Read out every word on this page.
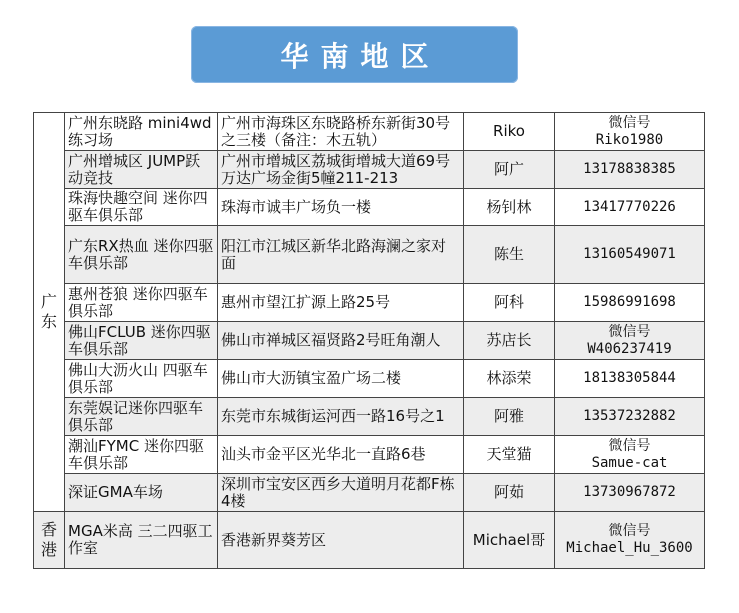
华南地区
广
东	广州东晓路 mini4wd练习场	广州市海珠区东晓路桥东新街30号之三楼（备注：木五轨）	Riko	微信号
Riko1980

	广州增城区 JUMP跃动竞技	广州市增城区荔城街增城大道69号万达广场金街5幢211-213	阿广	13178838385
	珠海快趣空间 迷你四驱车俱乐部	珠海市诚丰广场负一楼	杨钊林	13417770226
	广东RX热血 迷你四驱车俱乐部	阳江市江城区新华北路海澜之家对面	陈生	13160549071
	惠州苍狼 迷你四驱车俱乐部	惠州市望江扩源上路25号	阿科	15986991698
	佛山FCLUB 迷你四驱车俱乐部	佛山市禅城区福贤路2号旺角潮人	苏店长	微信号
W406237419

	佛山大沥火山 四驱车俱乐部	佛山市大沥镇宝盈广场二楼	林添荣	18138305844
	东莞娱记迷你四驱车俱乐部	东莞市东城街运河西一路16号之1	阿雅	13537232882
	潮汕FYMC 迷你四驱车俱乐部	汕头市金平区光华北一直路6巷	天堂猫	微信号
Samue-cat

	深证GMA车场	深圳市宝安区西乡大道明月花都F栋4楼	阿茹	13730967872

香
港	MGA米高 三二四驱工作室	香港新界葵芳区	Michael哥	微信号
Michael_Hu_3600
